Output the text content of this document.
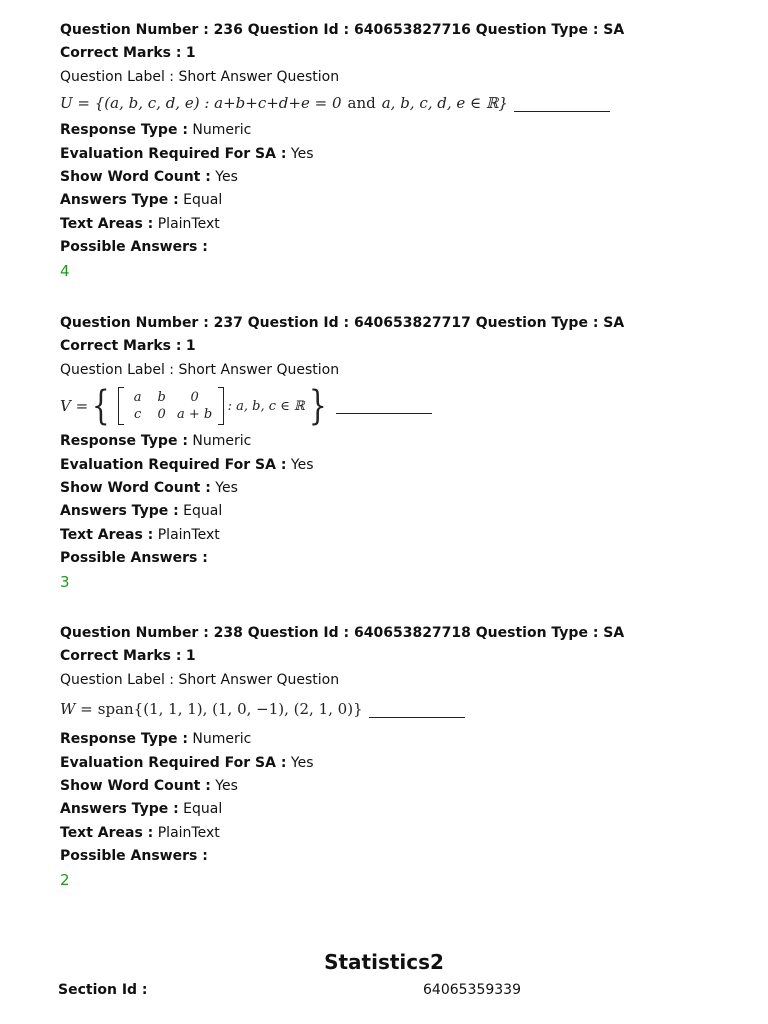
Question Number : 236 Question Id : 640653827716 Question Type : SA
Correct Marks : 1
Question Label : Short Answer Question
U = {(a, b, c, d, e) : a+b+c+d+e = 0 and a, b, c, d, e ∈ ℝ}
Response Type : Numeric
Evaluation Required For SA : Yes
Show Word Count : Yes
Answers Type : Equal
Text Areas : PlainText
Possible Answers :
4
Question Number : 237 Question Id : 640653827717 Question Type : SA
Correct Marks : 1
Question Label : Short Answer Question
V = {	a	b	0
c	0 a + b
: a, b, c ∈ ℝ }
Response Type : Numeric
Evaluation Required For SA : Yes
Show Word Count : Yes
Answers Type : Equal
Text Areas : PlainText
Possible Answers :
3
Question Number : 238 Question Id : 640653827718 Question Type : SA
Correct Marks : 1
Question Label : Short Answer Question
W = span{(1, 1, 1), (1, 0, −1), (2, 1, 0)}
Response Type : Numeric
Evaluation Required For SA : Yes
Show Word Count : Yes
Answers Type : Equal
Text Areas : PlainText
Possible Answers :
2
Statistics2
Section Id :	64065359339
